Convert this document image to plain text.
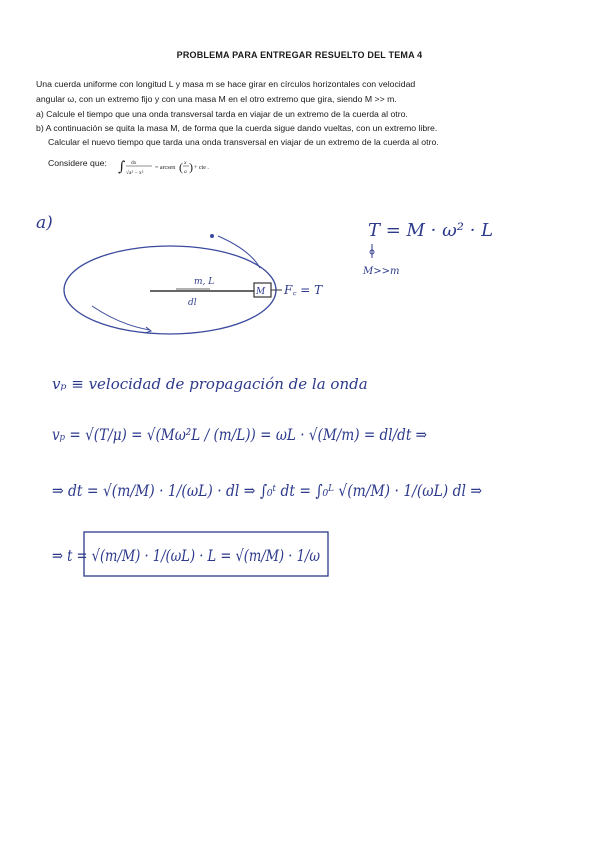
PROBLEMA PARA ENTREGAR RESUELTO DEL TEMA 4
Una cuerda uniforme con longitud L y masa m se hace girar en círculos horizontales con velocidad
angular ω, con un extremo fijo y con una masa M en el otro extremo que gira, siendo M >> m.
a) Calcule el tiempo que una onda transversal tarda en viajar de un extremo de la cuerda al otro.
b) A continuación se quita la masa M, de forma que la cuerda sigue dando vueltas, con un extremo libre.
Calcular el nuevo tiempo que tarda una onda transversal en viajar de un extremo de la cuerda al otro.
Considere que: ∫ dx
√a² − x²
= arcsen ( x
a ) + cte .
a)
M F꜀ = T
m, L
dl
T = M · ω² · L
M>>m
vₚ ≡ velocidad de propagación de la onda
vₚ = √(T/μ) = √(Mω²L / (m/L)) = ωL · √(M/m) = dl/dt ⇒
⇒ dt = √(m/M) · 1/(ωL) · dl ⇒ ∫₀ᵗ dt = ∫₀ᴸ √(m/M) · 1/(ωL) dl ⇒
⇒ t = √(m/M) · 1/(ωL) · L = √(m/M) · 1/ω
